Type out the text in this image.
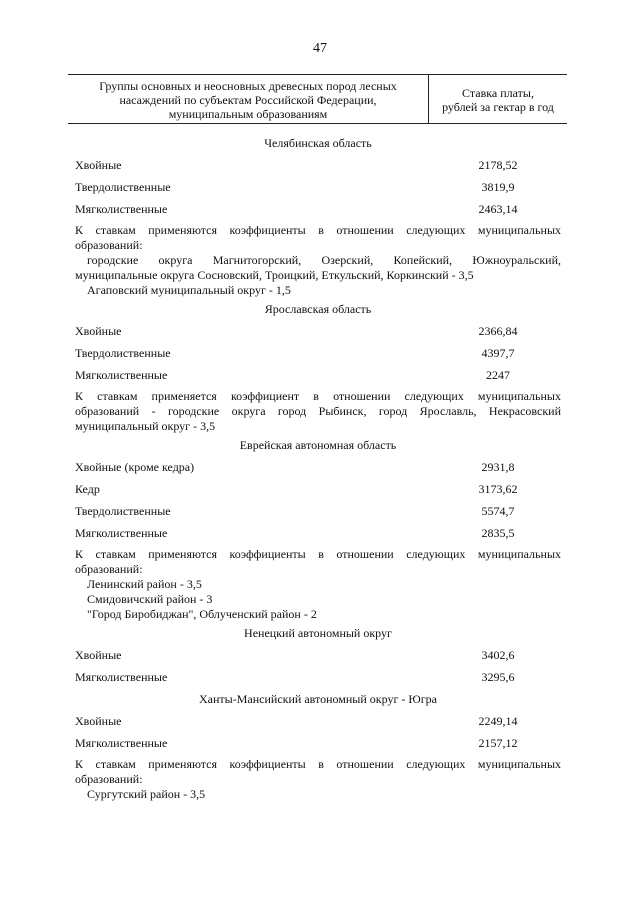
47
Группы основных и неосновных древесных пород лесных
насаждений по субъектам Российской Федерации,
муниципальным образованиям
Ставка платы,
рублей за гектар в год
Челябинская область
Хвойные	2178,52
Твердолиственные	3819,9
Мягколиственные	2463,14
К ставкам применяются коэффициенты в отношении следующих муниципальных
образований:
городские округа Магнитогорский, Озерский, Копейский, Южноуральский,
муниципальные округа Сосновский, Троицкий, Еткульский, Коркинский - 3,5
Агаповский муниципальный округ - 1,5
Ярославская область
Хвойные	2366,84
Твердолиственные	4397,7
Мягколиственные	2247
К ставкам применяется коэффициент в отношении следующих муниципальных
образований - городские округа город Рыбинск, город Ярославль, Некрасовский
муниципальный округ - 3,5
Еврейская автономная область
Хвойные (кроме кедра)	2931,8
Кедр	3173,62
Твердолиственные	5574,7
Мягколиственные	2835,5
К ставкам применяются коэффициенты в отношении следующих муниципальных
образований:
Ленинский район - 3,5
Смидовичский район - 3
"Город Биробиджан", Облученский район - 2
Ненецкий автономный округ
Хвойные	3402,6
Мягколиственные	3295,6
Ханты-Мансийский автономный округ - Югра
Хвойные	2249,14
Мягколиственные	2157,12
К ставкам применяются коэффициенты в отношении следующих муниципальных
образований:
Сургутский район - 3,5
